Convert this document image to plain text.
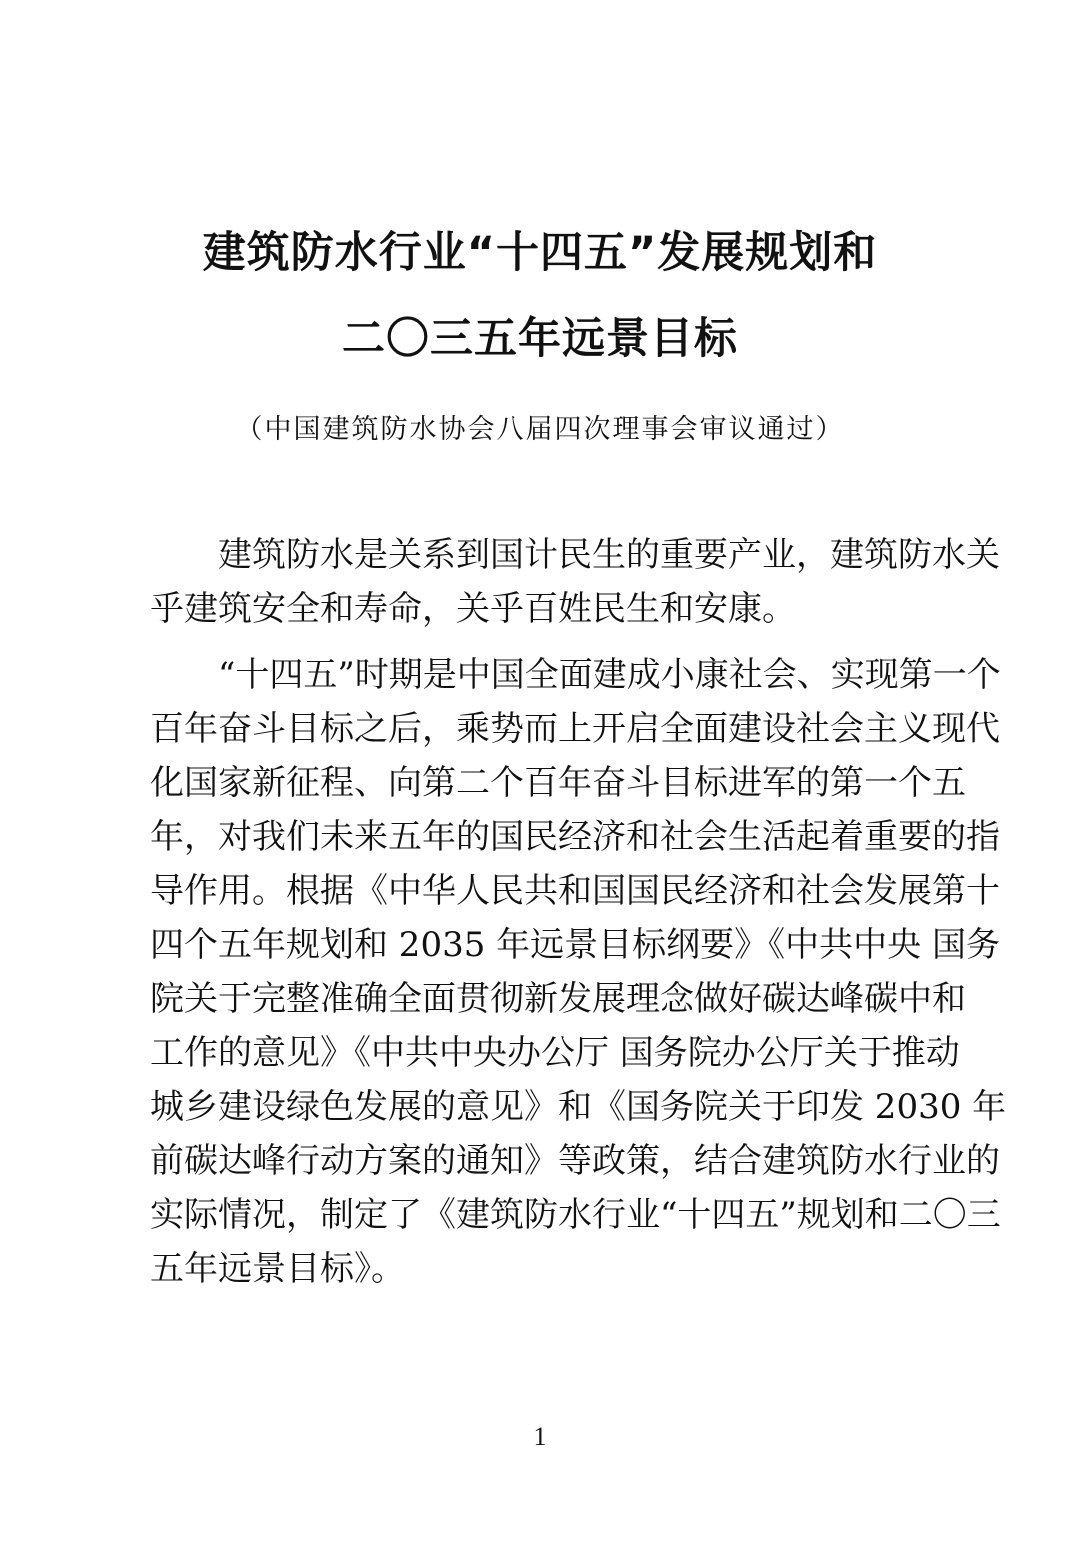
建筑防水行业“十四五”发展规划和
二〇三五年远景目标
（中国建筑防水协会八届四次理事会审议通过）
建筑防水是关系到国计民生的重要产业，建筑防水关
乎建筑安全和寿命，关乎百姓民生和安康。
“十四五”时期是中国全面建成小康社会、实现第一个
百年奋斗目标之后，乘势而上开启全面建设社会主义现代
化国家新征程、向第二个百年奋斗目标进军的第一个五
年，对我们未来五年的国民经济和社会生活起着重要的指
导作用。根据《中华人民共和国国民经济和社会发展第十
四个五年规划和 2035 年远景目标纲要》《中共中央 国务
院关于完整准确全面贯彻新发展理念做好碳达峰碳中和
工作的意见》《中共中央办公厅 国务院办公厅关于推动
城乡建设绿色发展的意见》和《国务院关于印发 2030 年
前碳达峰行动方案的通知》等政策，结合建筑防水行业的
实际情况，制定了《建筑防水行业“十四五”规划和二〇三
五年远景目标》。
1
